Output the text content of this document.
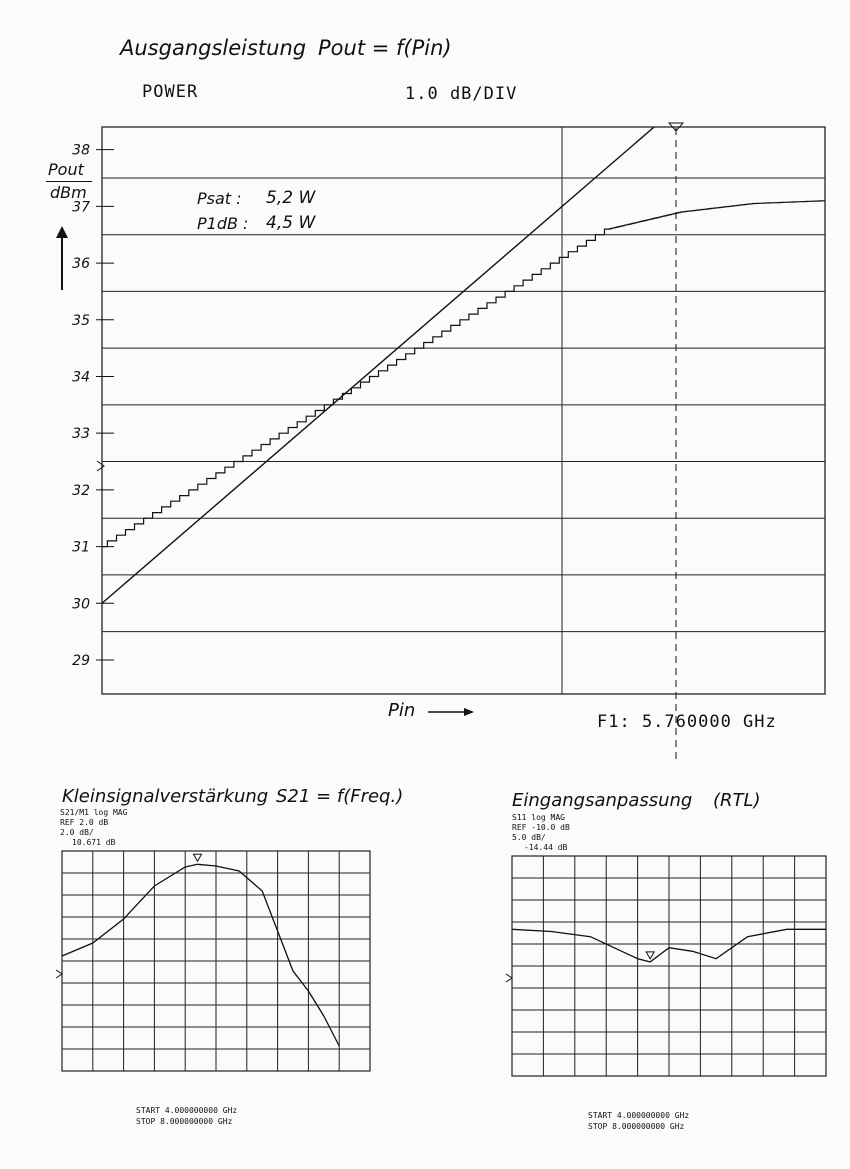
Ausgangsleistung Pout = f(Pin)
POWER	1.0 dB/DIV
29
30
31
32
33
34
35
36
37
38
Pout
dBm	Psat : 5,2 W
P1dB : 4,5 W
Pin
F1: 5.760000 GHz
Kleinsignalverstärkung S21 = f(Freq.)
S21/M1 log MAG
REF 2.0 dB
2.0 dB/
10.671 dB
START 4.000000000 GHz
STOP 8.000000000 GHz
Eingangsanpassung (RTL)
S11 log MAG
REF -10.0 dB
5.0 dB/
-14.44 dB
START 4.000000000 GHz
STOP 8.000000000 GHz
